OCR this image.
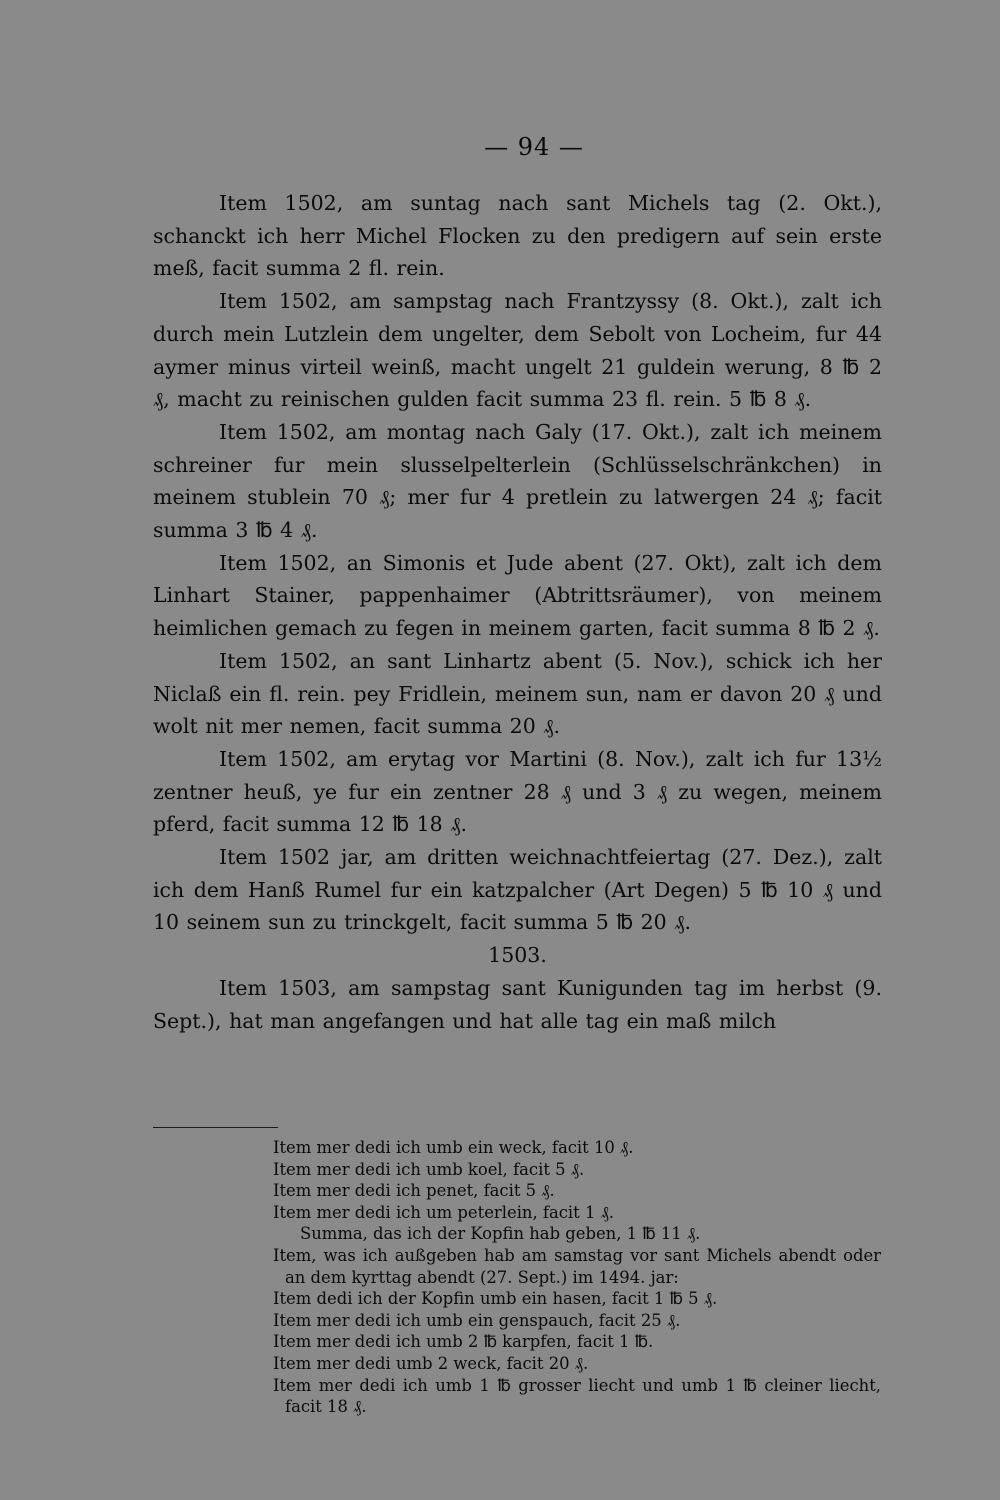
— 94 —

Item 1502, am suntag nach sant Michels tag (2. Okt.), schanckt ich herr Michel Flocken zu den predigern auf sein erste meß, facit summa 2 fl. rein.

Item 1502, am sampstag nach Frantzyssy (8. Okt.), zalt ich durch mein Lutzlein dem ungelter, dem Sebolt von Locheim, fur 44 aymer minus virteil weinß, macht ungelt 21 guldein werung, 8 ℔ 2 ₰, macht zu reinischen gulden facit summa 23 fl. rein. 5 ℔ 8 ₰.

Item 1502, am montag nach Galy (17. Okt.), zalt ich meinem schreiner fur mein slusselpelterlein (Schlüsselschränkchen) in meinem stublein 70 ₰; mer fur 4 pretlein zu latwergen 24 ₰; facit summa 3 ℔ 4 ₰.

Item 1502, an Simonis et Jude abent (27. Okt), zalt ich dem Linhart Stainer, pappenhaimer (Abtrittsräumer), von meinem heimlichen gemach zu fegen in meinem garten, facit summa 8 ℔ 2 ₰.

Item 1502, an sant Linhartz abent (5. Nov.), schick ich her Niclaß ein fl. rein. pey Fridlein, meinem sun, nam er davon 20 ₰ und wolt nit mer nemen, facit summa 20 ₰.

Item 1502, am erytag vor Martini (8. Nov.), zalt ich fur 13½ zentner heuß, ye fur ein zentner 28 ₰ und 3 ₰ zu wegen, meinem pferd, facit summa 12 ℔ 18 ₰.

Item 1502 jar, am dritten weichnachtfeiertag (27. Dez.), zalt ich dem Hanß Rumel fur ein katzpalcher (Art Degen) 5 ℔ 10 ₰ und 10 seinem sun zu trinckgelt, facit summa 5 ℔ 20 ₰.

1503.

Item 1503, am sampstag sant Kunigunden tag im herbst (9. Sept.), hat man angefangen und hat alle tag ein maß milch

Item mer dedi ich umb ein weck, facit 10 ₰.

Item mer dedi ich umb koel, facit 5 ₰.

Item mer dedi ich penet, facit 5 ₰.

Item mer dedi ich um peterlein, facit 1 ₰.

Summa, das ich der Kopfin hab geben, 1 ℔ 11 ₰.

Item, was ich außgeben hab am samstag vor sant Michels abendt oder an dem kyrttag abendt (27. Sept.) im 1494. jar:

Item dedi ich der Kopfin umb ein hasen, facit 1 ℔ 5 ₰.

Item mer dedi ich umb ein genspauch, facit 25 ₰.

Item mer dedi ich umb 2 ℔ karpfen, facit 1 ℔.

Item mer dedi umb 2 weck, facit 20 ₰.

Item mer dedi ich umb 1 ℔ grosser liecht und umb 1 ℔ cleiner liecht, facit 18 ₰.
